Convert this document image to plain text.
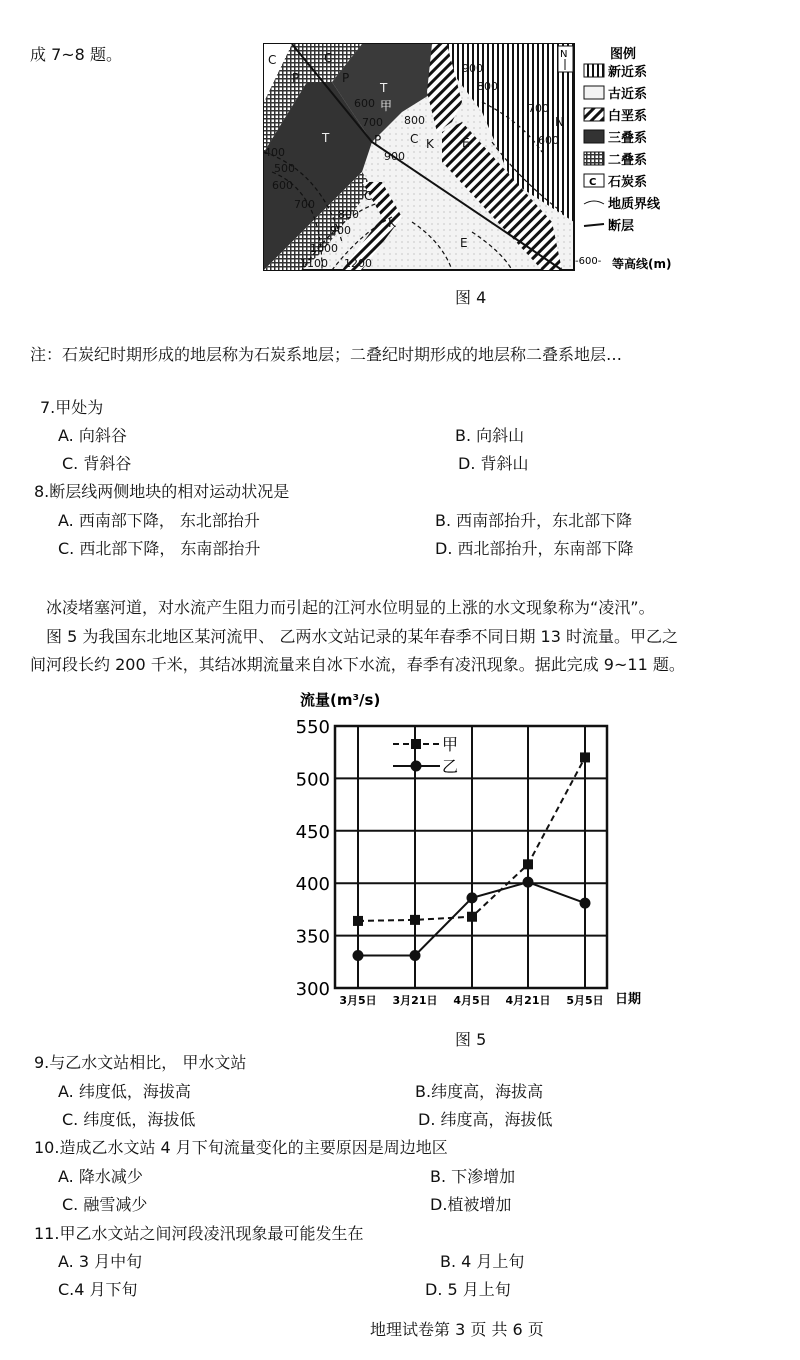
成 7~8 题。	C	C
P	P
T
T
甲
C K
K
E
E
N
P
C
400
500
600
700
800
900
1000
1100 1200
600
700
900
800
900
800
700
600
N	图例
新近系
古近系
白垩系
三叠系
二叠系
C 石炭系
地质界线
断层
-600- 等高线(m)
图 4
注：石炭纪时期形成的地层称为石炭系地层；二叠纪时期形成的地层称二叠系地层…
7.甲处为
A. 向斜谷	B. 向斜山
C. 背斜谷	D. 背斜山
8.断层线两侧地块的相对运动状况是
A. 西南部下降， 东北部抬升	B. 西南部抬升，东北部下降
C. 西北部下降， 东南部抬升	D. 西北部抬升，东南部下降
冰凌堵塞河道，对水流产生阻力而引起的江河水位明显的上涨的水文现象称为“凌汛”。
图 5 为我国东北地区某河流甲、 乙两水文站记录的某年春季不同日期 13 时流量。甲乙之
间河段长约 200 千米，其结冰期流量来自冰下水流，春季有凌汛现象。据此完成 9~11 题。
流量(m³/s)
日期
300
350
400
450
500
550
3月5日 3月21日 4月5日 4月21日 5月5日
甲
乙
图 5
9.与乙水文站相比， 甲水文站
A. 纬度低，海拔高	B.纬度高，海拔高
C. 纬度低，海拔低	D. 纬度高，海拔低
10.造成乙水文站 4 月下旬流量变化的主要原因是周边地区
A. 降水减少	B. 下渗增加
C. 融雪减少	D.植被增加
11.甲乙水文站之间河段凌汛现象最可能发生在
A. 3 月中旬	B. 4 月上旬
C.4 月下旬	D. 5 月上旬
地理试卷第 3 页 共 6 页
